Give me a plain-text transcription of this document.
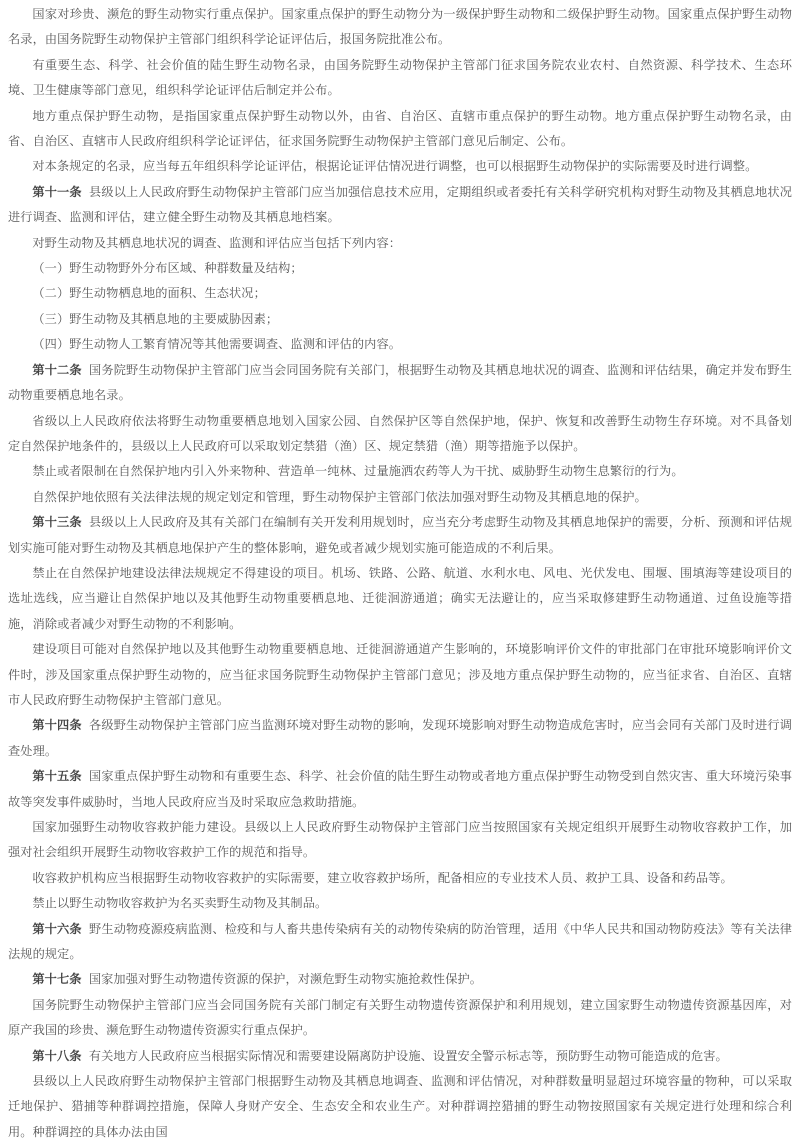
国家对珍贵、濒危的野生动物实行重点保护。国家重点保护的野生动物分为一级保护野生动物和二级保护野生动物。国家重点保护野生动物名录，由国务院野生动物保护主管部门组织科学论证评估后，报国务院批准公布。

有重要生态、科学、社会价值的陆生野生动物名录，由国务院野生动物保护主管部门征求国务院农业农村、自然资源、科学技术、生态环境、卫生健康等部门意见，组织科学论证评估后制定并公布。

地方重点保护野生动物，是指国家重点保护野生动物以外，由省、自治区、直辖市重点保护的野生动物。地方重点保护野生动物名录，由省、自治区、直辖市人民政府组织科学论证评估，征求国务院野生动物保护主管部门意见后制定、公布。

对本条规定的名录，应当每五年组织科学论证评估，根据论证评估情况进行调整，也可以根据野生动物保护的实际需要及时进行调整。

第十一条 县级以上人民政府野生动物保护主管部门应当加强信息技术应用，定期组织或者委托有关科学研究机构对野生动物及其栖息地状况进行调查、监测和评估，建立健全野生动物及其栖息地档案。

对野生动物及其栖息地状况的调查、监测和评估应当包括下列内容：

（一）野生动物野外分布区域、种群数量及结构；

（二）野生动物栖息地的面积、生态状况；

（三）野生动物及其栖息地的主要威胁因素；

（四）野生动物人工繁育情况等其他需要调查、监测和评估的内容。

第十二条 国务院野生动物保护主管部门应当会同国务院有关部门，根据野生动物及其栖息地状况的调查、监测和评估结果，确定并发布野生动物重要栖息地名录。

省级以上人民政府依法将野生动物重要栖息地划入国家公园、自然保护区等自然保护地，保护、恢复和改善野生动物生存环境。对不具备划定自然保护地条件的，县级以上人民政府可以采取划定禁猎（渔）区、规定禁猎（渔）期等措施予以保护。

禁止或者限制在自然保护地内引入外来物种、营造单一纯林、过量施洒农药等人为干扰、威胁野生动物生息繁衍的行为。

自然保护地依照有关法律法规的规定划定和管理，野生动物保护主管部门依法加强对野生动物及其栖息地的保护。

第十三条 县级以上人民政府及其有关部门在编制有关开发利用规划时，应当充分考虑野生动物及其栖息地保护的需要，分析、预测和评估规划实施可能对野生动物及其栖息地保护产生的整体影响，避免或者减少规划实施可能造成的不利后果。

禁止在自然保护地建设法律法规规定不得建设的项目。机场、铁路、公路、航道、水利水电、风电、光伏发电、围堰、围填海等建设项目的选址选线，应当避让自然保护地以及其他野生动物重要栖息地、迁徙洄游通道；确实无法避让的，应当采取修建野生动物通道、过鱼设施等措施，消除或者减少对野生动物的不利影响。

建设项目可能对自然保护地以及其他野生动物重要栖息地、迁徙洄游通道产生影响的，环境影响评价文件的审批部门在审批环境影响评价文件时，涉及国家重点保护野生动物的，应当征求国务院野生动物保护主管部门意见；涉及地方重点保护野生动物的，应当征求省、自治区、直辖市人民政府野生动物保护主管部门意见。

第十四条 各级野生动物保护主管部门应当监测环境对野生动物的影响，发现环境影响对野生动物造成危害时，应当会同有关部门及时进行调查处理。

第十五条 国家重点保护野生动物和有重要生态、科学、社会价值的陆生野生动物或者地方重点保护野生动物受到自然灾害、重大环境污染事故等突发事件威胁时，当地人民政府应当及时采取应急救助措施。

国家加强野生动物收容救护能力建设。县级以上人民政府野生动物保护主管部门应当按照国家有关规定组织开展野生动物收容救护工作，加强对社会组织开展野生动物收容救护工作的规范和指导。

收容救护机构应当根据野生动物收容救护的实际需要，建立收容救护场所，配备相应的专业技术人员、救护工具、设备和药品等。

禁止以野生动物收容救护为名买卖野生动物及其制品。

第十六条 野生动物疫源疫病监测、检疫和与人畜共患传染病有关的动物传染病的防治管理，适用《中华人民共和国动物防疫法》等有关法律法规的规定。

第十七条 国家加强对野生动物遗传资源的保护，对濒危野生动物实施抢救性保护。

国务院野生动物保护主管部门应当会同国务院有关部门制定有关野生动物遗传资源保护和利用规划，建立国家野生动物遗传资源基因库，对原产我国的珍贵、濒危野生动物遗传资源实行重点保护。

第十八条 有关地方人民政府应当根据实际情况和需要建设隔离防护设施、设置安全警示标志等，预防野生动物可能造成的危害。

县级以上人民政府野生动物保护主管部门根据野生动物及其栖息地调查、监测和评估情况，对种群数量明显超过环境容量的物种，可以采取迁地保护、猎捕等种群调控措施，保障人身财产安全、生态安全和农业生产。对种群调控猎捕的野生动物按照国家有关规定进行处理和综合利用。种群调控的具体办法由国
